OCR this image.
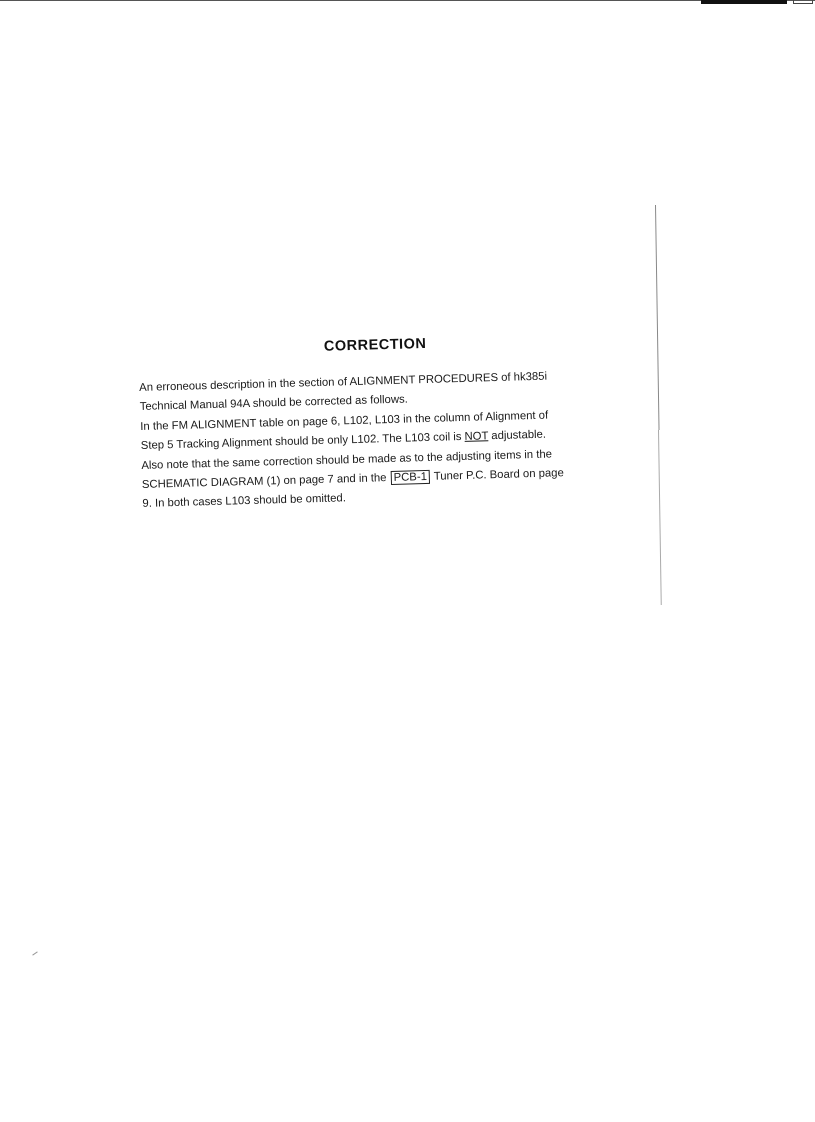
CORRECTION
An erroneous description in the section of ALIGNMENT PROCEDURES of hk385i
Technical Manual 94A should be corrected as follows.
In the FM ALIGNMENT table on page 6, L102, L103 in the column of Alignment of
Step 5 Tracking Alignment should be only L102. The L103 coil is NOT adjustable.
Also note that the same correction should be made as to the adjusting items in the
SCHEMATIC DIAGRAM (1) on page 7 and in the PCB-1 Tuner P.C. Board on page
9. In both cases L103 should be omitted.
